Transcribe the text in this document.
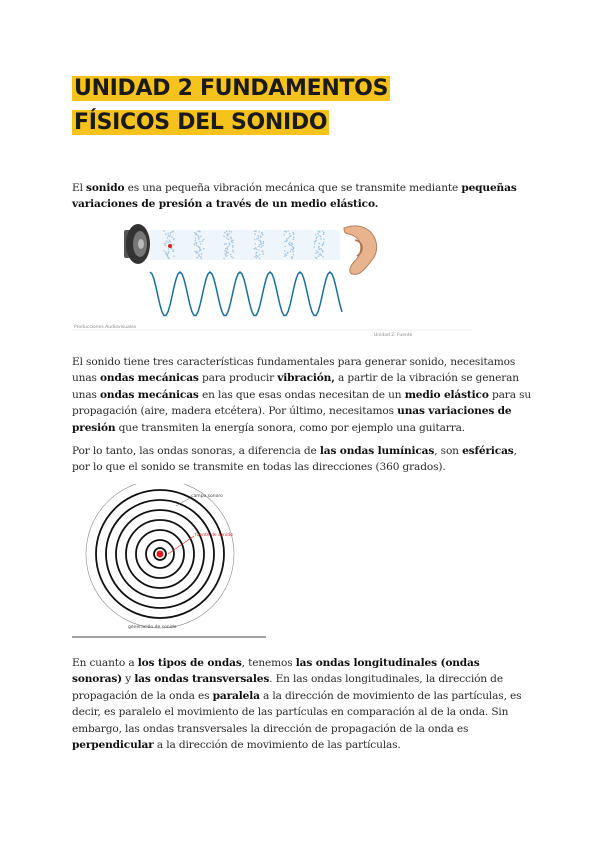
UNIDAD 2 FUNDAMENTOS FÍSICOS DEL SONIDO

El sonido es una pequeña vibración mecánica que se transmite mediante pequeñas variaciones de presión a través de un medio elástico.

Producciones Audiovisuales
Unidad 2. Fuente

El sonido tiene tres características fundamentales para generar sonido, necesitamos unas ondas mecánicas para producir vibración, a partir de la vibración se generan unas ondas mecánicas en las que esas ondas necesitan de un medio elástico para su propagación (aire, madera etcétera). Por último, necesitamos unas variaciones de presión que transmiten la energía sonora, como por ejemplo una guitarra.

Por lo tanto, las ondas sonoras, a diferencia de las ondas lumínicas, son esféricas, por lo que el sonido se transmite en todas las direcciones (360 grados).

campo sonoro
fuente de sonido
generación de sonido

En cuanto a los tipos de ondas, tenemos las ondas longitudinales (ondas sonoras) y las ondas transversales. En las ondas longitudinales, la dirección de propagación de la onda es paralela a la dirección de movimiento de las partículas, es decir, es paralelo el movimiento de las partículas en comparación al de la onda. Sin embargo, las ondas transversales la dirección de propagación de la onda es perpendicular a la dirección de movimiento de las partículas.
